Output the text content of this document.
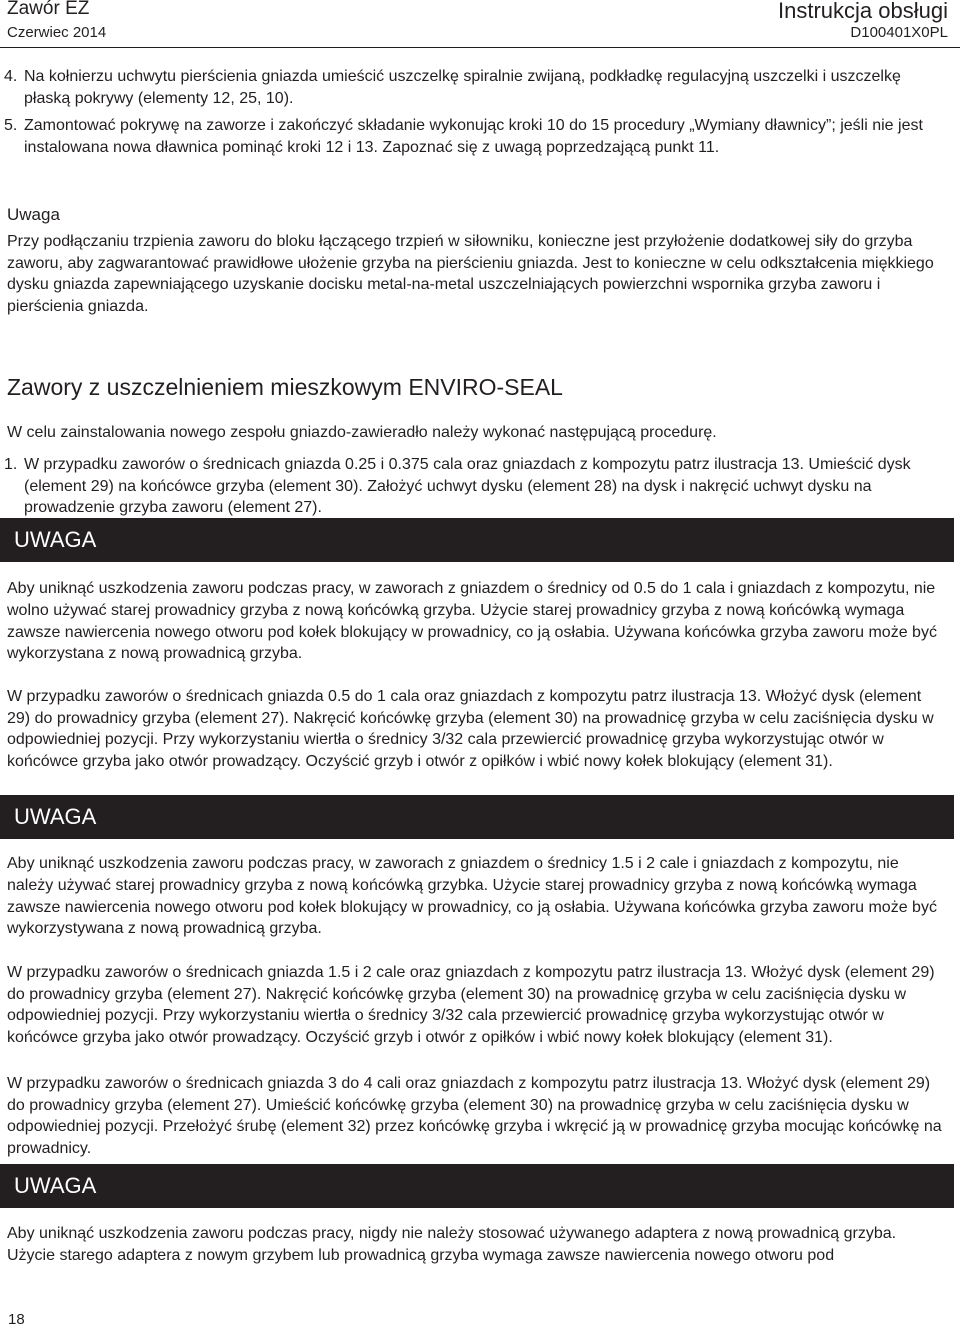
Zawór EZ
Czerwiec 2014
Instrukcja obsługi
D100401X0PL
4. Na kołnierzu uchwytu pierścienia gniazda umieścić uszczelkę spiralnie zwijaną, podkładkę regulacyjną uszczelki i uszczelkę płaską pokrywy (elementy 12, 25, 10).

5. Zamontować pokrywę na zaworze i zakończyć składanie wykonując kroki 10 do 15 procedury „Wymiany dławnicy”; jeśli nie jest instalowana nowa dławnica pominąć kroki 12 i 13. Zapoznać się z uwagą poprzedzającą punkt 11.

Uwaga
Przy podłączaniu trzpienia zaworu do bloku łączącego trzpień w siłowniku, konieczne jest przyłożenie dodatkowej siły do grzyba zaworu, aby zagwarantować prawidłowe ułożenie grzyba na pierścieniu gniazda. Jest to konieczne w celu odkształcenia miękkiego dysku gniazda zapewniającego uzyskanie docisku metal-na-metal uszczelniających powierzchni wspornika grzyba zaworu i pierścienia gniazda.
Zawory z uszczelnieniem mieszkowym ENVIRO-SEAL
W celu zainstalowania nowego zespołu gniazdo-zawieradło należy wykonać następującą procedurę.
1. W przypadku zaworów o średnicach gniazda 0.25 i 0.375 cala oraz gniazdach z kompozytu patrz ilustracja 13. Umieścić dysk (element 29) na końcówce grzyba (element 30). Założyć uchwyt dysku (element 28) na dysk i nakręcić uchwyt dysku na prowadzenie grzyba zaworu (element 27).

UWAGA
Aby uniknąć uszkodzenia zaworu podczas pracy, w zaworach z gniazdem o średnicy od 0.5 do 1 cala i gniazdach z kompozytu, nie wolno używać starej prowadnicy grzyba z nową końcówką grzyba. Użycie starej prowadnicy grzyba z nową końcówką wymaga zawsze nawiercenia nowego otworu pod kołek blokujący w prowadnicy, co ją osłabia. Używana końcówka grzyba zaworu może być wykorzystana z nową prowadnicą grzyba.
W przypadku zaworów o średnicach gniazda 0.5 do 1 cala oraz gniazdach z kompozytu patrz ilustracja 13. Włożyć dysk (element 29) do prowadnicy grzyba (element 27). Nakręcić końcówkę grzyba (element 30) na prowadnicę grzyba w celu zaciśnięcia dysku w odpowiedniej pozycji. Przy wykorzystaniu wiertła o średnicy 3/32 cala przewiercić prowadnicę grzyba wykorzystując otwór w końcówce grzyba jako otwór prowadzący. Oczyścić grzyb i otwór z opiłków i wbić nowy kołek blokujący (element 31).
UWAGA
Aby uniknąć uszkodzenia zaworu podczas pracy, w zaworach z gniazdem o średnicy 1.5 i 2 cale i gniazdach z kompozytu, nie należy używać starej prowadnicy grzyba z nową końcówką grzybka. Użycie starej prowadnicy grzyba z nową końcówką wymaga zawsze nawiercenia nowego otworu pod kołek blokujący w prowadnicy, co ją osłabia. Używana końcówka grzyba zaworu może być wykorzystywana z nową prowadnicą grzyba.
W przypadku zaworów o średnicach gniazda 1.5 i 2 cale oraz gniazdach z kompozytu patrz ilustracja 13. Włożyć dysk (element 29) do prowadnicy grzyba (element 27). Nakręcić końcówkę grzyba (element 30) na prowadnicę grzyba w celu zaciśnięcia dysku w odpowiedniej pozycji. Przy wykorzystaniu wiertła o średnicy 3/32 cala przewiercić prowadnicę grzyba wykorzystując otwór w końcówce grzyba jako otwór prowadzący. Oczyścić grzyb i otwór z opiłków i wbić nowy kołek blokujący (element 31).
W przypadku zaworów o średnicach gniazda 3 do 4 cali oraz gniazdach z kompozytu patrz ilustracja 13. Włożyć dysk (element 29) do prowadnicy grzyba (element 27). Umieścić końcówkę grzyba (element 30) na prowadnicę grzyba w celu zaciśnięcia dysku w odpowiedniej pozycji. Przełożyć śrubę (element 32) przez końcówkę grzyba i wkręcić ją w prowadnicę grzyba mocując końcówkę na prowadnicy.
UWAGA
Aby uniknąć uszkodzenia zaworu podczas pracy, nigdy nie należy stosować używanego adaptera z nową prowadnicą grzyba. Użycie starego adaptera z nowym grzybem lub prowadnicą grzyba wymaga zawsze nawiercenia nowego otworu pod
18
